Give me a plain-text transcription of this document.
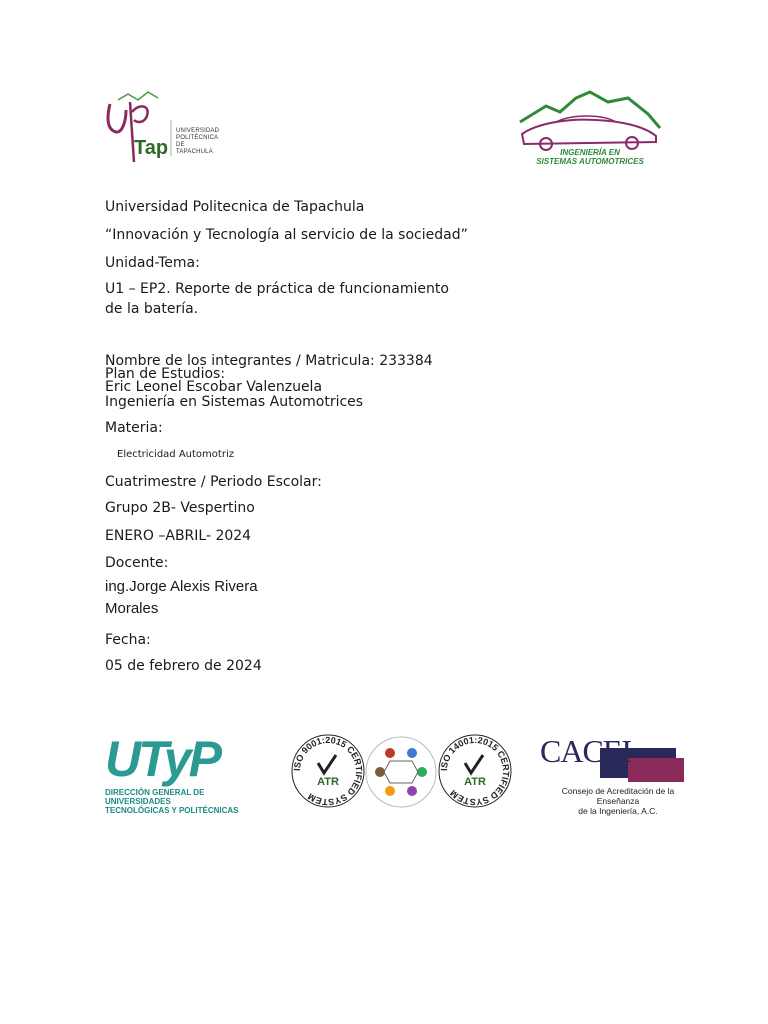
Tap
UNIVERSIDAD
POLITÉCNICA
DE TAPACHULA	INGENIERÍA EN
SISTEMAS AUTOMOTRICES
Universidad Politecnica de Tapachula
“Innovación y Tecnología al servicio de la sociedad”
Unidad-Tema:
U1 – EP2. Reporte de práctica de funcionamiento
de la batería.
Nombre de los integrantes / Matricula: 233384
Plan de Estudios:
Eric Leonel Escobar Valenzuela
Ingeniería en Sistemas Automotrices
Materia:
Electricidad Automotriz
Cuatrimestre / Periodo Escolar:
Grupo 2B- Vespertino
ENERO –ABRIL- 2024
Docente:
ing.Jorge Alexis Rivera
Morales
Fecha:
05 de febrero de 2024
UTyP
DIRECCIÓN GENERAL DE UNIVERSIDADES
TECNOLÓGICAS Y POLITÉCNICAS
ISO 9001:2015 CERTIFIED SYSTEM
ATR
ISO 14001:2015 CERTIFIED SYSTEM
ATR
CACEI
Consejo de Acreditación de la Enseñanza
de la Ingeniería, A.C.
